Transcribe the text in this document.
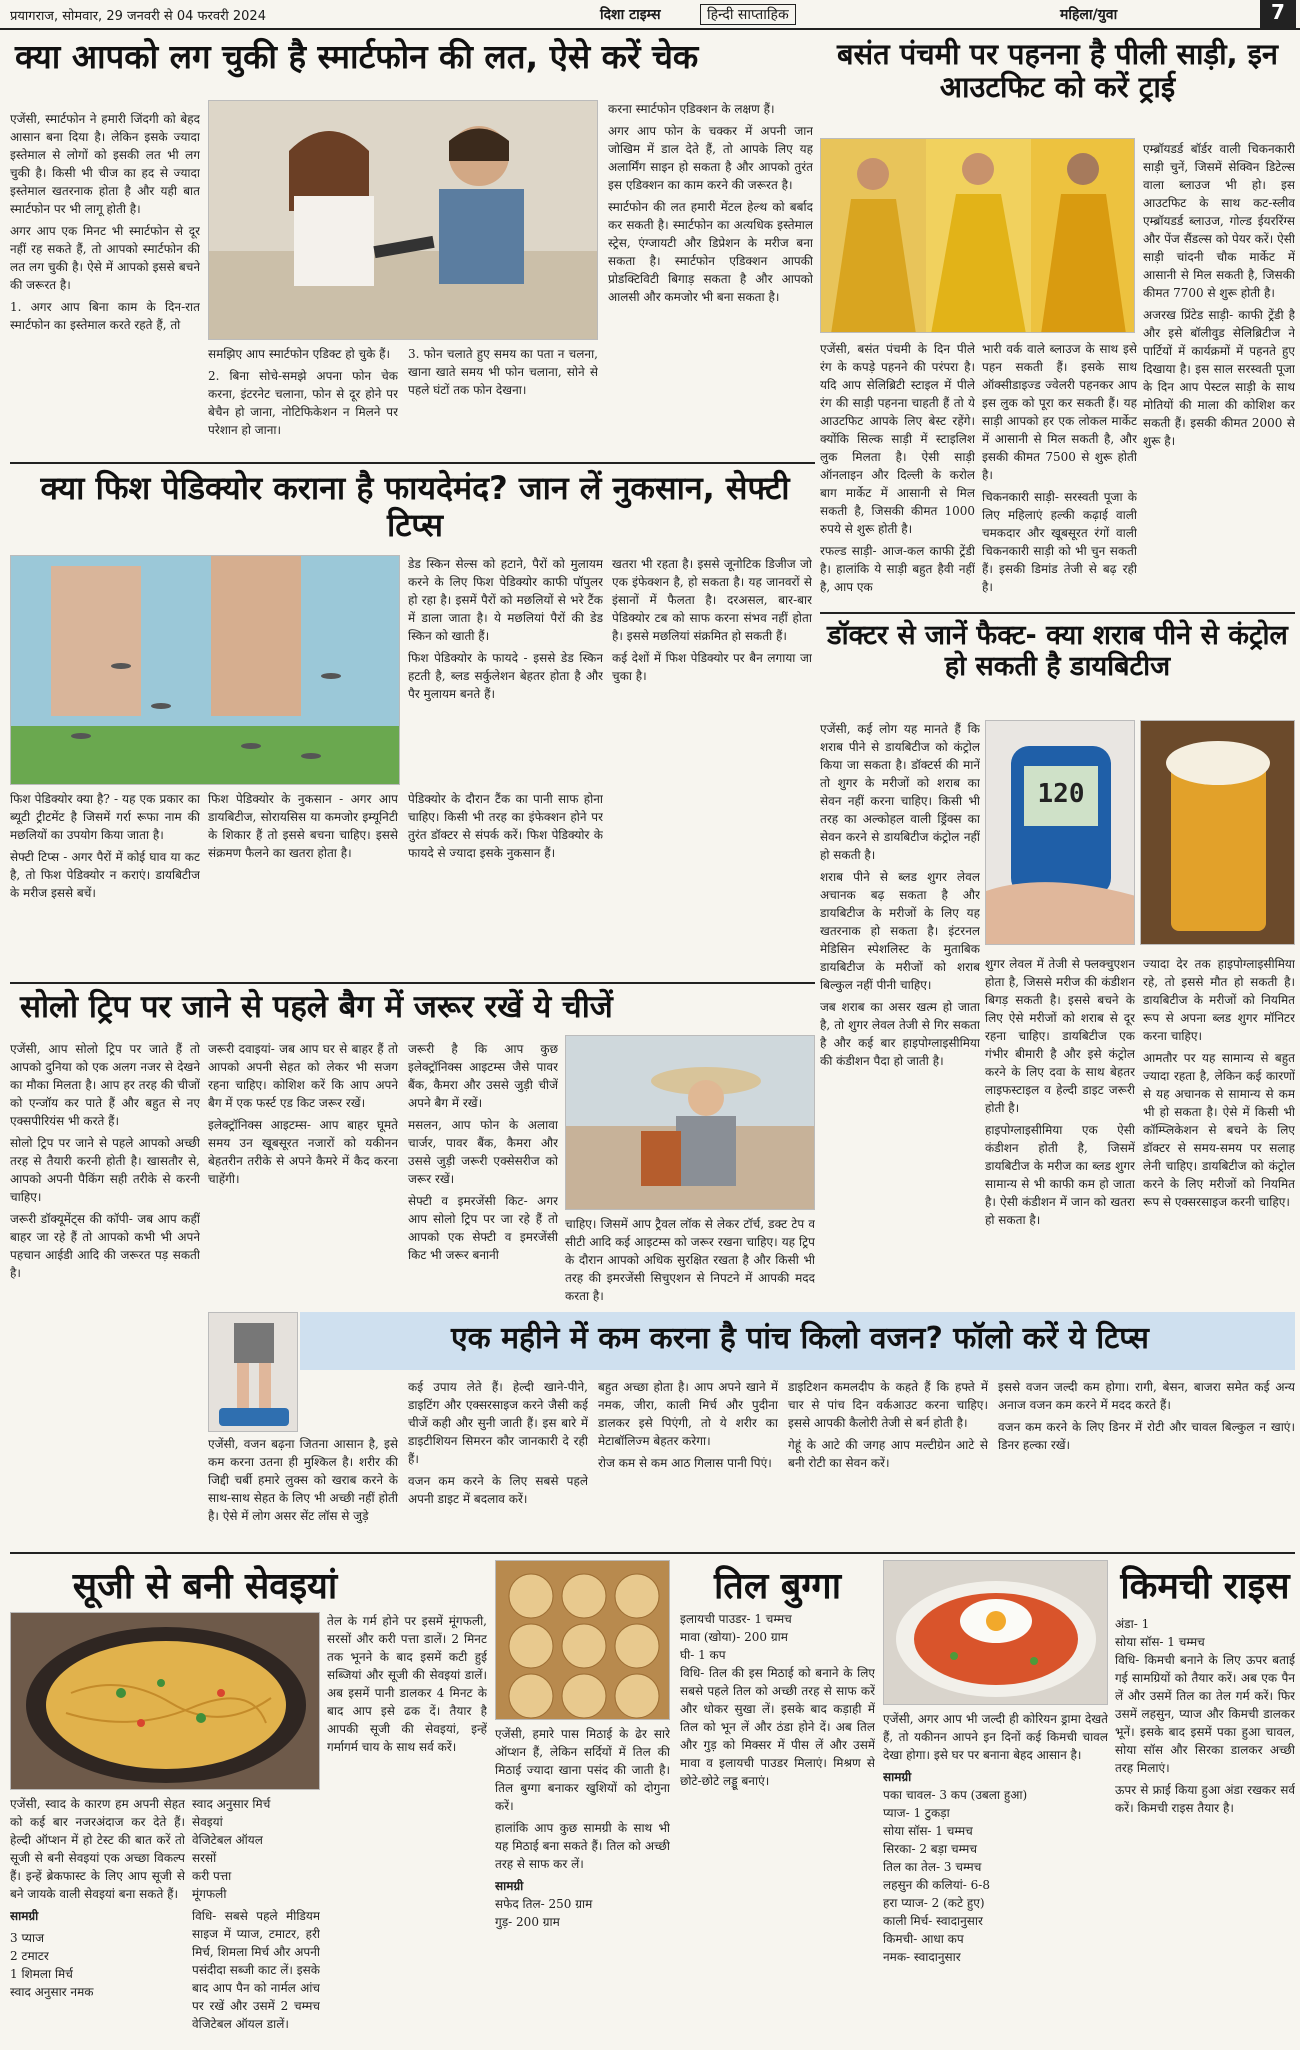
प्रयागराज, सोमवार, 29 जनवरी से 04 फरवरी 2024	दिशा टाइम्स	हिन्दी साप्ताहिक	महिला/युवा	7
क्या आपको लग चुकी है स्मार्टफोन की लत, ऐसे करें चेक

एजेंसी, स्मार्टफोन ने हमारी जिंदगी को बेहद आसान बना दिया है। लेकिन इसके ज्यादा इस्तेमाल से लोगों को इसकी लत भी लग चुकी है। किसी भी चीज का हद से ज्यादा इस्तेमाल खतरनाक होता है और यही बात स्मार्टफोन पर भी लागू होती है।

अगर आप एक मिनट भी स्मार्टफोन से दूर नहीं रह सकते हैं, तो आपको स्मार्टफोन की लत लग चुकी है। ऐसे में आपको इससे बचने की जरूरत है।

1. अगर आप बिना काम के दिन-रात स्मार्टफोन का इस्तेमाल करते रहते हैं, तो

समझिए आप स्मार्टफोन एडिक्ट हो चुके हैं।

2. बिना सोचे-समझे अपना फोन चेक करना, इंटरनेट चलाना, फोन से दूर होने पर बेचैन हो जाना, नोटिफिकेशन न मिलने पर परेशान हो जाना।

3. फोन चलाते हुए समय का पता न चलना, खाना खाते समय भी फोन चलाना, सोने से पहले घंटों तक फोन देखना।

करना स्मार्टफोन एडिक्शन के लक्षण हैं।

अगर आप फोन के चक्कर में अपनी जान जोखिम में डाल देते हैं, तो आपके लिए यह अलार्मिंग साइन हो सकता है और आपको तुरंत इस एडिक्शन का काम करने की जरूरत है।

स्मार्टफोन की लत हमारी मेंटल हेल्थ को बर्बाद कर सकती है। स्मार्टफोन का अत्यधिक इस्तेमाल स्ट्रेस, एंग्जायटी और डिप्रेशन के मरीज बना सकता है। स्मार्टफोन एडिक्शन आपकी प्रोडक्टिविटी बिगाड़ सकता है और आपको आलसी और कमजोर भी बना सकता है।

क्या फिश पेडिक्योर कराना है फायदेमंद? जान लें नुकसान, सेफ्टी टिप्स

डेड स्किन सेल्स को हटाने, पैरों को मुलायम करने के लिए फिश पेडिक्योर काफी पॉपुलर हो रहा है। इसमें पैरों को मछलियों से भरे टैंक में डाला जाता है। ये मछलियां पैरों की डेड स्किन को खाती हैं।

फिश पेडिक्योर के फायदे - इससे डेड स्किन हटती है, ब्लड सर्कुलेशन बेहतर होता है और पैर मुलायम बनते हैं।

खतरा भी रहता है। इससे जूनोटिक डिजीज जो एक इंफेक्शन है, हो सकता है। यह जानवरों से इंसानों में फैलता है। दरअसल, बार-बार पेडिक्योर टब को साफ करना संभव नहीं होता है। इससे मछलियां संक्रमित हो सकती हैं।

कई देशों में फिश पेडिक्योर पर बैन लगाया जा चुका है।

फिश पेडिक्योर क्या है? - यह एक प्रकार का ब्यूटी ट्रीटमेंट है जिसमें गर्रा रूफा नाम की मछलियों का उपयोग किया जाता है।

सेफ्टी टिप्स - अगर पैरों में कोई घाव या कट है, तो फिश पेडिक्योर न कराएं। डायबिटीज के मरीज इससे बचें।

फिश पेडिक्योर के नुकसान - अगर आप डायबिटीज, सोरायसिस या कमजोर इम्यूनिटी के शिकार हैं तो इससे बचना चाहिए। इससे संक्रमण फैलने का खतरा होता है।

पेडिक्योर के दौरान टैंक का पानी साफ होना चाहिए। किसी भी तरह का इंफेक्शन होने पर तुरंत डॉक्टर से संपर्क करें। फिश पेडिक्योर के फायदे से ज्यादा इसके नुकसान हैं।

सोलो ट्रिप पर जाने से पहले बैग में जरूर रखें ये चीजें

एजेंसी, आप सोलो ट्रिप पर जाते हैं तो आपको दुनिया को एक अलग नजर से देखने का मौका मिलता है। आप हर तरह की चीजों को एन्जॉय कर पाते हैं और बहुत से नए एक्सपीरियंस भी करते हैं।

सोलो ट्रिप पर जाने से पहले आपको अच्छी तरह से तैयारी करनी होती है। खासतौर से, आपको अपनी पैकिंग सही तरीके से करनी चाहिए।

जरूरी डॉक्यूमेंट्स की कॉपी- जब आप कहीं बाहर जा रहे हैं तो आपको कभी भी अपने पहचान आईडी आदि की जरूरत पड़ सकती है।

जरूरी दवाइयां- जब आप घर से बाहर हैं तो आपको अपनी सेहत को लेकर भी सजग रहना चाहिए। कोशिश करें कि आप अपने बैग में एक फर्स्ट एड किट जरूर रखें।

इलेक्ट्रॉनिक्स आइटम्स- आप बाहर घूमते समय उन खूबसूरत नजारों को यकीनन बेहतरीन तरीके से अपने कैमरे में कैद करना चाहेंगी।

जरूरी है कि आप कुछ इलेक्ट्रॉनिक्स आइटम्स जैसे पावर बैंक, कैमरा और उससे जुड़ी चीजें अपने बैग में रखें।

मसलन, आप फोन के अलावा चार्जर, पावर बैंक, कैमरा और उससे जुड़ी जरूरी एक्सेसरीज को जरूर रखें।

सेफ्टी व इमरजेंसी किट- अगर आप सोलो ट्रिप पर जा रहे हैं तो आपको एक सेफ्टी व इमरजेंसी किट भी जरूर बनानी

चाहिए। जिसमें आप ट्रैवल लॉक से लेकर टॉर्च, डक्ट टेप व सीटी आदि कई आइटम्स को जरूर रखना चाहिए। यह ट्रिप के दौरान आपको अधिक सुरक्षित रखता है और किसी भी तरह की इमरजेंसी सिचुएशन से निपटने में आपकी मदद करता है।

बसंत पंचमी पर पहनना है पीली साड़ी, इन आउटफिट को करें ट्राई

एम्ब्रॉयडर्ड बॉर्डर वाली चिकनकारी साड़ी चुनें, जिसमें सेक्विन डिटेल्स वाला ब्लाउज भी हो। इस आउटफिट के साथ कट-स्लीव एम्ब्रॉयडर्ड ब्लाउज, गोल्ड ईयररिंग्स और पेंज सैंडल्स को पेयर करें। ऐसी साड़ी चांदनी चौक मार्केट में आसानी से मिल सकती है, जिसकी कीमत 7700 से शुरू होती है।

अजरख प्रिंटेड साड़ी- काफी ट्रेंडी है और इसे बॉलीवुड सेलिब्रिटीज ने पार्टियों में कार्यक्रमों में पहनते हुए दिखाया है। इस साल सरस्वती पूजा के दिन आप पेस्टल साड़ी के साथ मोतियों की माला की कोशिश कर सकती हैं। इसकी कीमत 2000 से शुरू है।

एजेंसी, बसंत पंचमी के दिन पीले रंग के कपड़े पहनने की परंपरा है। यदि आप सेलिब्रिटी स्टाइल में पीले रंग की साड़ी पहनना चाहती हैं तो ये आउटफिट आपके लिए बेस्ट रहेंगे। क्योंकि सिल्क साड़ी में स्टाइलिश लुक मिलता है। ऐसी साड़ी ऑनलाइन और दिल्ली के करोल बाग मार्केट में आसानी से मिल सकती है, जिसकी कीमत 1000 रुपये से शुरू होती है।

रफल्ड साड़ी- आज-कल काफी ट्रेंडी है। हालांकि ये साड़ी बहुत हैवी नहीं है, आप एक

भारी वर्क वाले ब्लाउज के साथ इसे पहन सकती हैं। इसके साथ ऑक्सीडाइज्ड ज्वेलरी पहनकर आप इस लुक को पूरा कर सकती हैं। यह साड़ी आपको हर एक लोकल मार्केट में आसानी से मिल सकती है, और इसकी कीमत 7500 से शुरू होती है।

चिकनकारी साड़ी- सरस्वती पूजा के लिए महिलाएं हल्की कढ़ाई वाली चमकदार और खूबसूरत रंगों वाली चिकनकारी साड़ी को भी चुन सकती हैं। इसकी डिमांड तेजी से बढ़ रही है।

डॉक्टर से जानें फैक्ट- क्या शराब पीने से कंट्रोल हो सकती है डायबिटीज

एजेंसी, कई लोग यह मानते हैं कि शराब पीने से डायबिटीज को कंट्रोल किया जा सकता है। डॉक्टर्स की मानें तो शुगर के मरीजों को शराब का सेवन नहीं करना चाहिए। किसी भी तरह का अल्कोहल वाली ड्रिंक्स का सेवन करने से डायबिटीज कंट्रोल नहीं हो सकती है।

शराब पीने से ब्लड शुगर लेवल अचानक बढ़ सकता है और डायबिटीज के मरीजों के लिए यह खतरनाक हो सकता है। इंटरनल मेडिसिन स्पेशलिस्ट के मुताबिक डायबिटीज के मरीजों को शराब बिल्कुल नहीं पीनी चाहिए।

जब शराब का असर खत्म हो जाता है, तो शुगर लेवल तेजी से गिर सकता है और कई बार हाइपोग्लाइसीमिया की कंडीशन पैदा हो जाती है।

120

शुगर लेवल में तेजी से फ्लक्चुएशन होता है, जिससे मरीज की कंडीशन बिगड़ सकती है। इससे बचने के लिए ऐसे मरीजों को शराब से दूर रहना चाहिए। डायबिटीज एक गंभीर बीमारी है और इसे कंट्रोल करने के लिए दवा के साथ बेहतर लाइफस्टाइल व हेल्दी डाइट जरूरी होती है।

हाइपोग्लाइसीमिया एक ऐसी कंडीशन होती है, जिसमें डायबिटीज के मरीज का ब्लड शुगर सामान्य से भी काफी कम हो जाता है। ऐसी कंडीशन में जान को खतरा हो सकता है।

ज्यादा देर तक हाइपोग्लाइसीमिया रहे, तो इससे मौत हो सकती है। डायबिटीज के मरीजों को नियमित रूप से अपना ब्लड शुगर मॉनिटर करना चाहिए।

आमतौर पर यह सामान्य से बहुत ज्यादा रहता है, लेकिन कई कारणों से यह अचानक से सामान्य से कम भी हो सकता है। ऐसे में किसी भी कॉम्प्लिकेशन से बचने के लिए डॉक्टर से समय-समय पर सलाह लेनी चाहिए। डायबिटीज को कंट्रोल करने के लिए मरीजों को नियमित रूप से एक्सरसाइज करनी चाहिए।

एक महीने में कम करना है पांच किलो वजन? फॉलो करें ये टिप्स

एजेंसी, वजन बढ़ना जितना आसान है, इसे कम करना उतना ही मुश्किल है। शरीर की जिद्दी चर्बी हमारे लुक्स को खराब करने के साथ-साथ सेहत के लिए भी अच्छी नहीं होती है। ऐसे में लोग असर सेंट लॉस से जुड़े

कई उपाय लेते हैं। हेल्दी खाने-पीने, डाइटिंग और एक्सरसाइज करने जैसी कई चीजें कही और सुनी जाती हैं। इस बारे में डाइटीशियन सिमरन कौर जानकारी दे रही हैं।

वजन कम करने के लिए सबसे पहले अपनी डाइट में बदलाव करें।

बहुत अच्छा होता है। आप अपने खाने में नमक, जीरा, काली मिर्च और पुदीना डालकर इसे पिएंगी, तो ये शरीर का मेटाबॉलिज्म बेहतर करेगा।

रोज कम से कम आठ गिलास पानी पिएं।

डाइटिशन कमलदीप के कहते हैं कि हफ्ते में चार से पांच दिन वर्कआउट करना चाहिए। इससे आपकी कैलोरी तेजी से बर्न होती है।

गेहूं के आटे की जगह आप मल्टीग्रेन आटे से बनी रोटी का सेवन करें।

इससे वजन जल्दी कम होगा। रागी, बेसन, बाजरा समेत कई अन्य अनाज वजन कम करने में मदद करते हैं।

वजन कम करने के लिए डिनर में रोटी और चावल बिल्कुल न खाएं। डिनर हल्का रखें।

सूजी से बनी सेवइयां

एजेंसी, स्वाद के कारण हम अपनी सेहत को कई बार नजरअंदाज कर देते हैं। हेल्दी ऑप्शन में हो टेस्ट की बात करें तो सूजी से बनी सेवइयां एक अच्छा विकल्प हैं। इन्हें ब्रेकफास्ट के लिए आप सूजी से बने जायके वाली सेवइयां बना सकते हैं।

सामग्री

3 प्याज

2 टमाटर

1 शिमला मिर्च

स्वाद अनुसार नमक

स्वाद अनुसार मिर्च

सेवइयां

वेजिटेबल ऑयल

सरसों

करी पत्ता

मूंगफली

विधि- सबसे पहले मीडियम साइज में प्याज, टमाटर, हरी मिर्च, शिमला मिर्च और अपनी पसंदीदा सब्जी काट लें। इसके बाद आप पैन को नार्मल आंच पर रखें और उसमें 2 चम्मच वेजिटेबल ऑयल डालें।

तेल के गर्म होने पर इसमें मूंगफली, सरसों और करी पत्ता डालें। 2 मिनट तक भूनने के बाद इसमें कटी हुई सब्जियां और सूजी की सेवइयां डालें। अब इसमें पानी डालकर 4 मिनट के बाद आप इसे ढक दें। तैयार है आपकी सूजी की सेवइयां, इन्हें गर्मागर्म चाय के साथ सर्व करें।

तिल बुग्गा

एजेंसी, हमारे पास मिठाई के ढेर सारे ऑप्शन हैं, लेकिन सर्दियों में तिल की मिठाई ज्यादा खाना पसंद की जाती है। तिल बुग्गा बनाकर खुशियों को दोगुना करें।

हालांकि आप कुछ सामग्री के साथ भी यह मिठाई बना सकते हैं। तिल को अच्छी तरह से साफ कर लें।

सामग्री

सफेद तिल- 250 ग्राम

गुड़- 200 ग्राम

इलायची पाउडर- 1 चम्मच

मावा (खोया)- 200 ग्राम

घी- 1 कप

विधि- तिल की इस मिठाई को बनाने के लिए सबसे पहले तिल को अच्छी तरह से साफ करें और धोकर सुखा लें। इसके बाद कड़ाही में तिल को भून लें और ठंडा होने दें। अब तिल और गुड़ को मिक्सर में पीस लें और उसमें मावा व इलायची पाउडर मिलाएं। मिश्रण से छोटे-छोटे लड्डू बनाएं।

किमची राइस

एजेंसी, अगर आप भी जल्दी ही कोरियन ड्रामा देखते हैं, तो यकीनन आपने इन दिनों कई किमची चावल देखा होगा। इसे घर पर बनाना बेहद आसान है।

सामग्री

पका चावल- 3 कप (उबला हुआ)

प्याज- 1 टुकड़ा

सोया सॉस- 1 चम्मच

सिरका- 2 बड़ा चम्मच

तिल का तेल- 3 चम्मच

लहसुन की कलियां- 6-8

हरा प्याज- 2 (कटे हुए)

काली मिर्च- स्वादानुसार

किमची- आधा कप

नमक- स्वादानुसार

अंडा- 1

सोया सॉस- 1 चम्मच

विधि- किमची बनाने के लिए ऊपर बताई गई सामग्रियों को तैयार करें। अब एक पैन लें और उसमें तिल का तेल गर्म करें। फिर उसमें लहसुन, प्याज और किमची डालकर भूनें। इसके बाद इसमें पका हुआ चावल, सोया सॉस और सिरका डालकर अच्छी तरह मिलाएं।

ऊपर से फ्राई किया हुआ अंडा रखकर सर्व करें। किमची राइस तैयार है।
